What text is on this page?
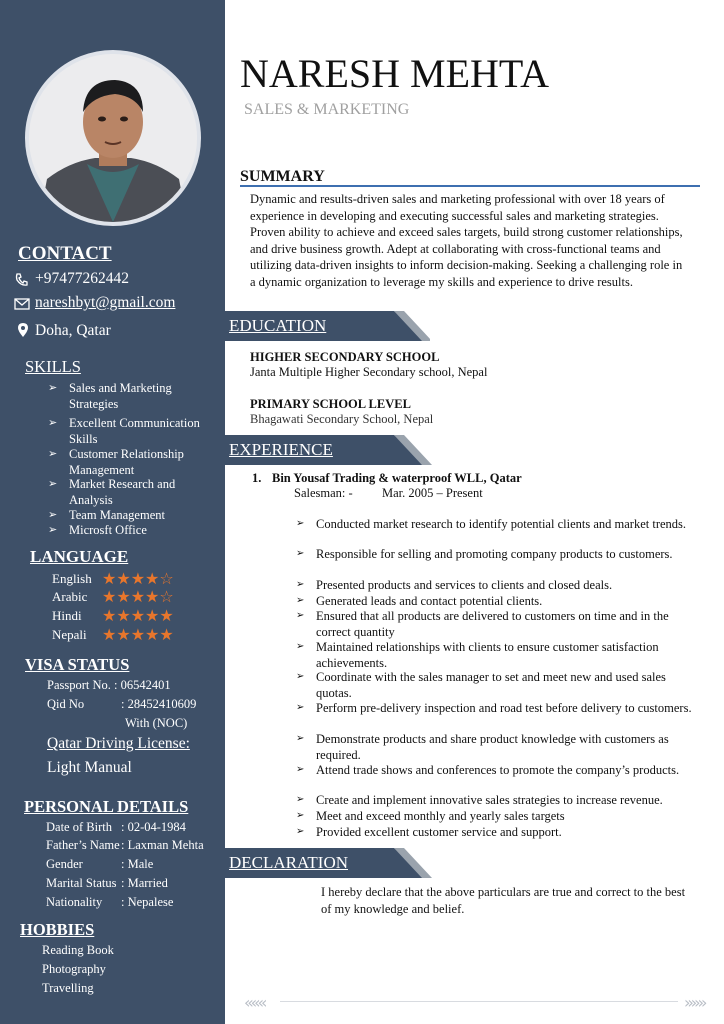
CONTACT
+97477262442
nareshbyt@gmail.com
Doha, Qatar
SKILLS
➢ Sales and Marketing Strategies
➢ Excellent Communication Skills
➢ Customer Relationship Management
➢ Market Research and Analysis
➢ Team Management
➢ Microsft Office
LANGUAGE
English ★★★★☆
Arabic ★★★★☆
Hindi ★★★★★
Nepali ★★★★★
VISA STATUS
Passport No. : 06542401
Qid No	: 28452410609
With (NOC)
Qatar Driving License:
Light Manual
PERSONAL DETAILS
Date of Birth : 02-04-1984
Father’s Name : Laxman Mehta
Gender	: Male
Marital Status : Married
Nationality : Nepalese
HOBBIES
Reading Book
Photography
Travelling
NARESH MEHTA
SALES & MARKETING
SUMMARY
Dynamic and results-driven sales and marketing professional with over 18 years of experience in developing and executing successful sales and marketing strategies. Proven ability to achieve and exceed sales targets, build strong customer relationships, and drive business growth. Adept at collaborating with cross-functional teams and utilizing data-driven insights to inform decision-making. Seeking a challenging role in a dynamic organization to leverage my skills and experience to drive results.
EDUCATION
HIGHER SECONDARY SCHOOL
Janta Multiple Higher Secondary school, Nepal
PRIMARY SCHOOL LEVEL
Bhagawati Secondary School, Nepal
EXPERIENCE
1. Bin Yousaf Trading & waterproof WLL, Qatar
Salesman: - Mar. 2005 – Present
➢ Conducted market research to identify potential clients and market trends.
➢ Responsible for selling and promoting company products to customers.
➢ Presented products and services to clients and closed deals.
➢ Generated leads and contact potential clients.
➢ Ensured that all products are delivered to customers on time and in the correct quantity
➢ Maintained relationships with clients to ensure customer satisfaction achievements.
➢ Coordinate with the sales manager to set and meet new and used sales quotas.
➢ Perform pre-delivery inspection and road test before delivery to customers.
➢ Demonstrate products and share product knowledge with customers as required.
➢ Attend trade shows and conferences to promote the company’s products.
➢ Create and implement innovative sales strategies to increase revenue.
➢ Meet and exceed monthly and yearly sales targets
➢ Provided excellent customer service and support.
DECLARATION
I hereby declare that the above particulars are true and correct to the best of my knowledge and belief.
«««	»»»
